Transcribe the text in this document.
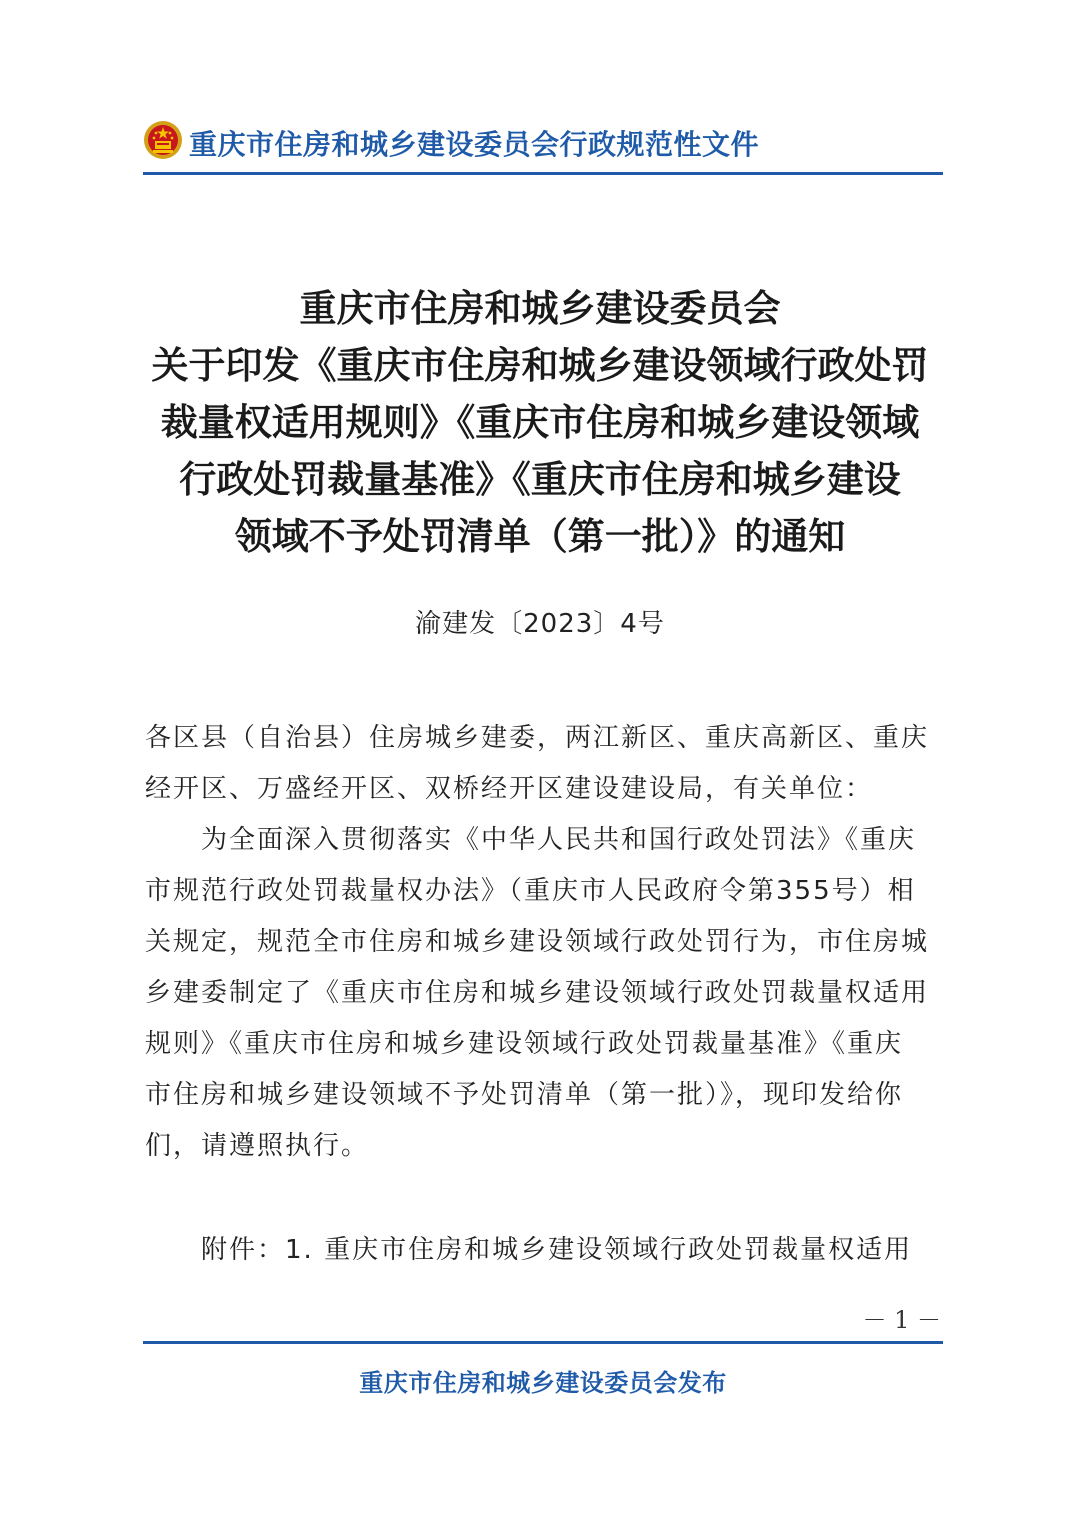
重庆市住房和城乡建设委员会行政规范性文件
重庆市住房和城乡建设委员会
关于印发《重庆市住房和城乡建设领域行政处罚
裁量权适用规则》《重庆市住房和城乡建设领域
行政处罚裁量基准》《重庆市住房和城乡建设
领域不予处罚清单（第一批）》的通知
渝建发〔2023〕4号
各区县（自治县）住房城乡建委，两江新区、重庆高新区、重庆
经开区、万盛经开区、双桥经开区建设建设局，有关单位：
　　为全面深入贯彻落实《中华人民共和国行政处罚法》《重庆
市规范行政处罚裁量权办法》（重庆市人民政府令第355号）相
关规定，规范全市住房和城乡建设领域行政处罚行为，市住房城
乡建委制定了《重庆市住房和城乡建设领域行政处罚裁量权适用
规则》《重庆市住房和城乡建设领域行政处罚裁量基准》《重庆
市住房和城乡建设领域不予处罚清单（第一批）》，现印发给你
们，请遵照执行。
　　附件：1. 重庆市住房和城乡建设领域行政处罚裁量权适用
－ 1 －
重庆市住房和城乡建设委员会发布
